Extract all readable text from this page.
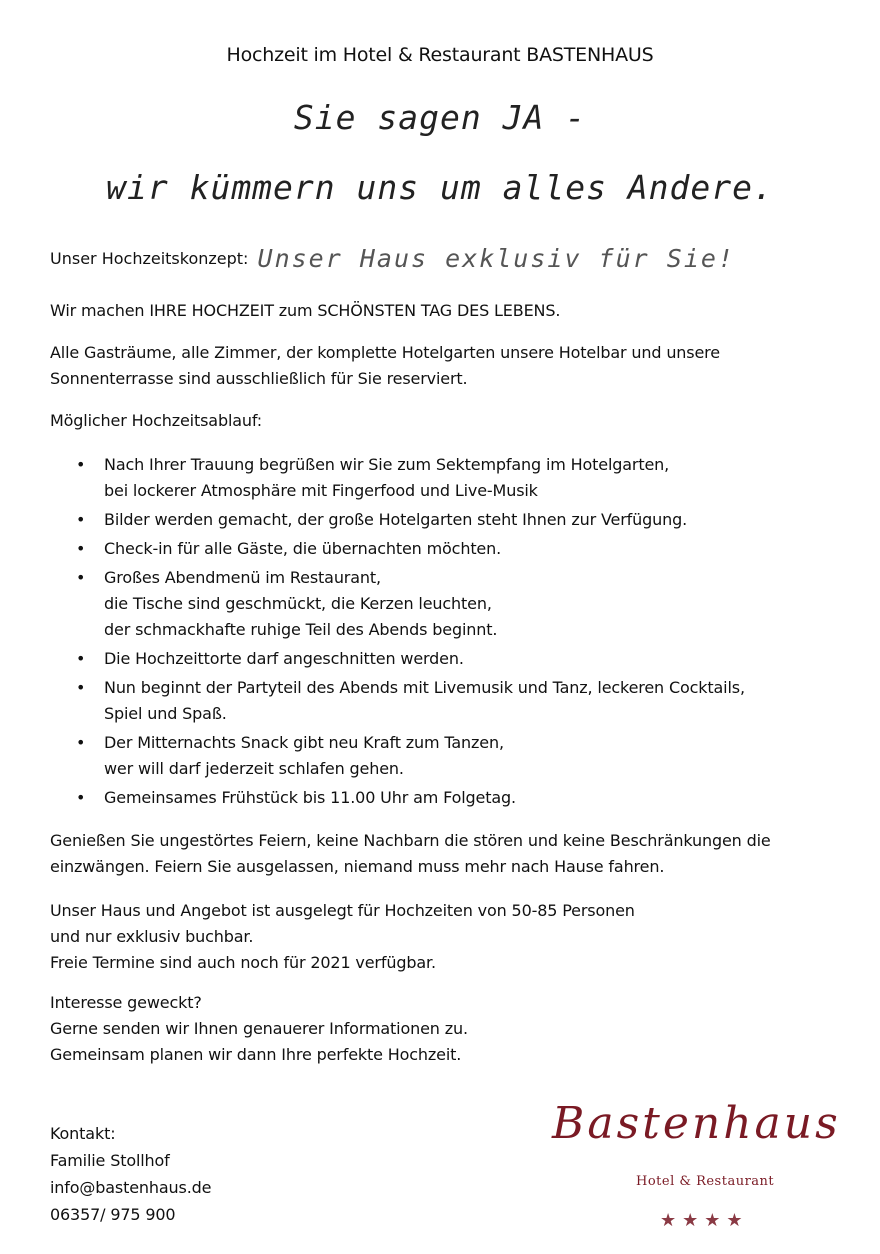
Hochzeit im Hotel & Restaurant BASTENHAUS
Sie sagen JA -
wir kümmern uns um alles Andere.
Unser Hochzeitskonzept: Unser Haus exklusiv für Sie!

Wir machen IHRE HOCHZEIT zum SCHÖNSTEN TAG DES LEBENS.

Alle Gasträume, alle Zimmer, der komplette Hotelgarten unsere Hotelbar und unsere

Sonnenterrasse sind ausschließlich für Sie reserviert.

Möglicher Hochzeitsablauf:

• Nach Ihrer Trauung begrüßen wir Sie zum Sektempfang im Hotelgarten,
bei lockerer Atmosphäre mit Fingerfood und Live-Musik
• Bilder werden gemacht, der große Hotelgarten steht Ihnen zur Verfügung.
• Check-in für alle Gäste, die übernachten möchten.
• Großes Abendmenü im Restaurant,
die Tische sind geschmückt, die Kerzen leuchten,
der schmackhafte ruhige Teil des Abends beginnt.
• Die Hochzeittorte darf angeschnitten werden.
• Nun beginnt der Partyteil des Abends mit Livemusik und Tanz, leckeren Cocktails,
Spiel und Spaß.
• Der Mitternachts Snack gibt neu Kraft zum Tanzen,
wer will darf jederzeit schlafen gehen.
• Gemeinsames Frühstück bis 11.00 Uhr am Folgetag.

Genießen Sie ungestörtes Feiern, keine Nachbarn die stören und keine Beschränkungen die

einzwängen. Feiern Sie ausgelassen, niemand muss mehr nach Hause fahren.

Unser Haus und Angebot ist ausgelegt für Hochzeiten von 50-85 Personen

und nur exklusiv buchbar.

Freie Termine sind auch noch für 2021 verfügbar.

Interesse geweckt?

Gerne senden wir Ihnen genauerer Informationen zu.

Gemeinsam planen wir dann Ihre perfekte Hochzeit.

Kontakt:
Familie Stollhof
info@bastenhaus.de
06357/ 975 900
Bastenhaus
Hotel & Restaurant
★★★★
